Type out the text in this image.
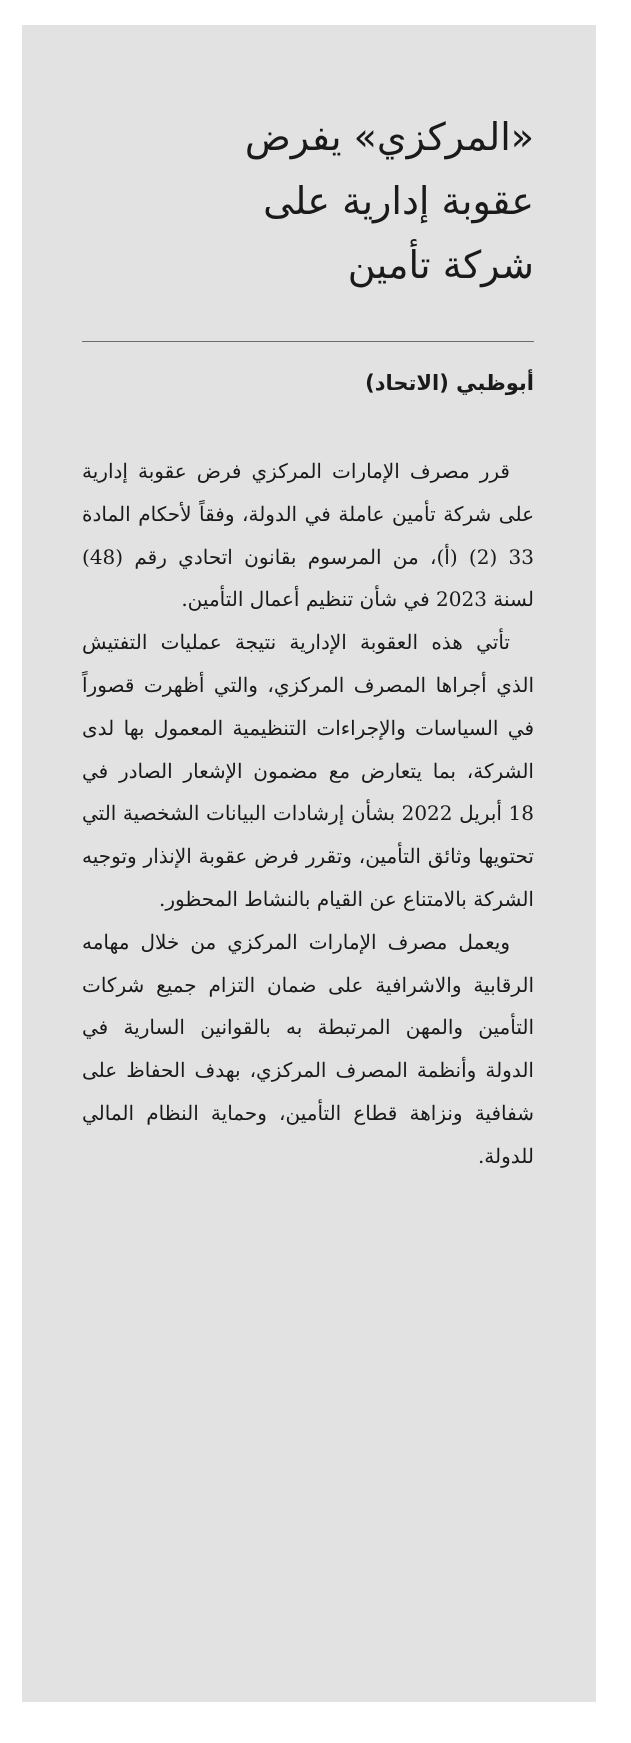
«المركزي» يفرض
عقوبة إدارية على
شركة تأمين
أبوظبي (الاتحاد)

قرر مصرف الإمارات المركزي فرض عقوبة إدارية على شركة تأمين عاملة في الدولة، وفقاً لأحكام المادة 33 (2) (أ)، من المرسوم بقانون اتحادي رقم (48) لسنة 2023 في شأن تنظيم أعمال التأمين.

تأتي هذه العقوبة الإدارية نتيجة عمليات التفتيش الذي أجراها المصرف المركزي، والتي أظهرت قصوراً في السياسات والإجراءات التنظيمية المعمول بها لدى الشركة، بما يتعارض مع مضمون الإشعار الصادر في 18 أبريل 2022 بشأن إرشادات البيانات الشخصية التي تحتويها وثائق التأمين، وتقرر فرض عقوبة الإنذار وتوجيه الشركة بالامتناع عن القيام بالنشاط المحظور.

ويعمل مصرف الإمارات المركزي من خلال مهامه الرقابية والاشرافية على ضمان التزام جميع شركات التأمين والمهن المرتبطة به بالقوانين السارية في الدولة وأنظمة المصرف المركزي، بهدف الحفاظ على شفافية ونزاهة قطاع التأمين، وحماية النظام المالي للدولة.
